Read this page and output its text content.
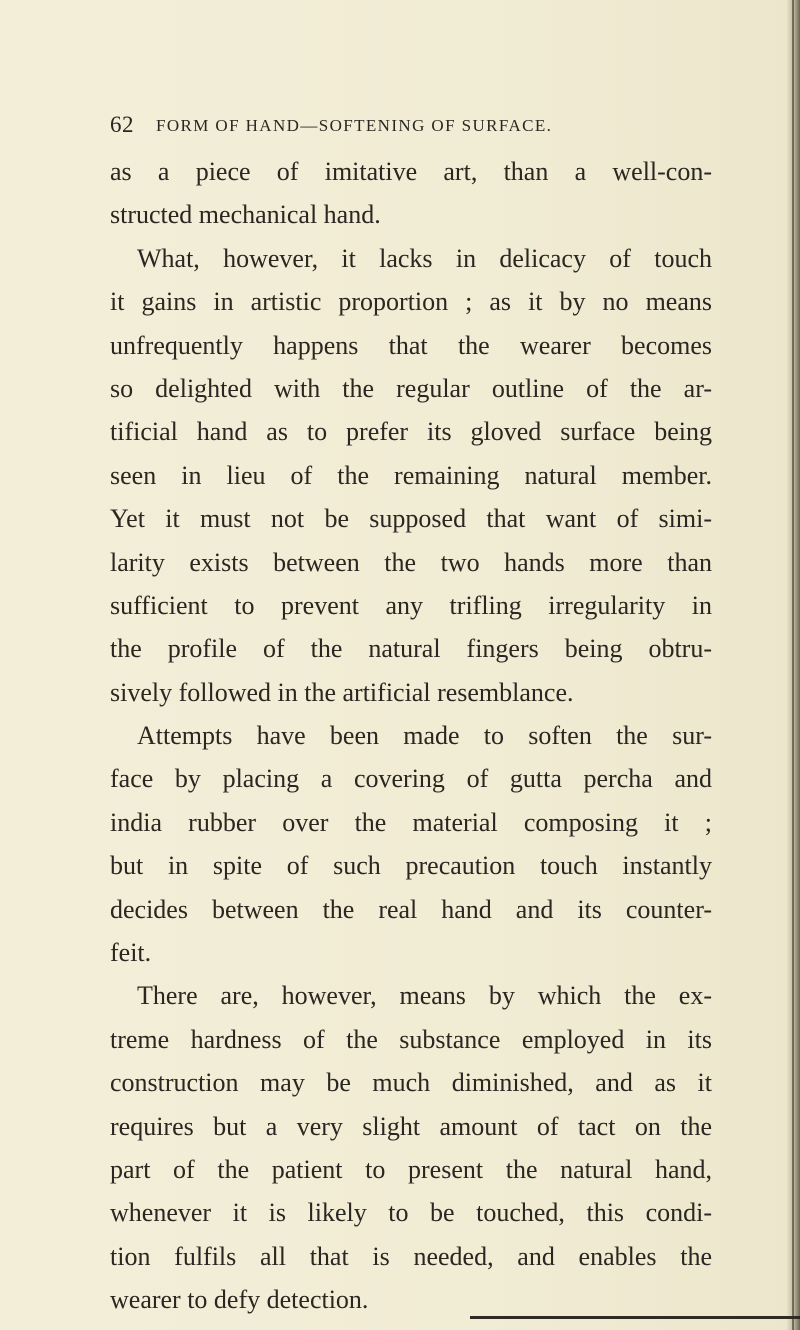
62 FORM OF HAND—SOFTENING OF SURFACE.
as a piece of imitative art, than a well-con-
structed mechanical hand.
What, however, it lacks in delicacy of touch
it gains in artistic proportion ; as it by no means
unfrequently happens that the wearer becomes
so delighted with the regular outline of the ar-
tificial hand as to prefer its gloved surface being
seen in lieu of the remaining natural member.
Yet it must not be supposed that want of simi-
larity exists between the two hands more than
sufficient to prevent any trifling irregularity in
the profile of the natural fingers being obtru-
sively followed in the artificial resemblance.
Attempts have been made to soften the sur-
face by placing a covering of gutta percha and
india rubber over the material composing it ;
but in spite of such precaution touch instantly
decides between the real hand and its counter-
feit.
There are, however, means by which the ex-
treme hardness of the substance employed in its
construction may be much diminished, and as it
requires but a very slight amount of tact on the
part of the patient to present the natural hand,
whenever it is likely to be touched, this condi-
tion fulfils all that is needed, and enables the
wearer to defy detection.
